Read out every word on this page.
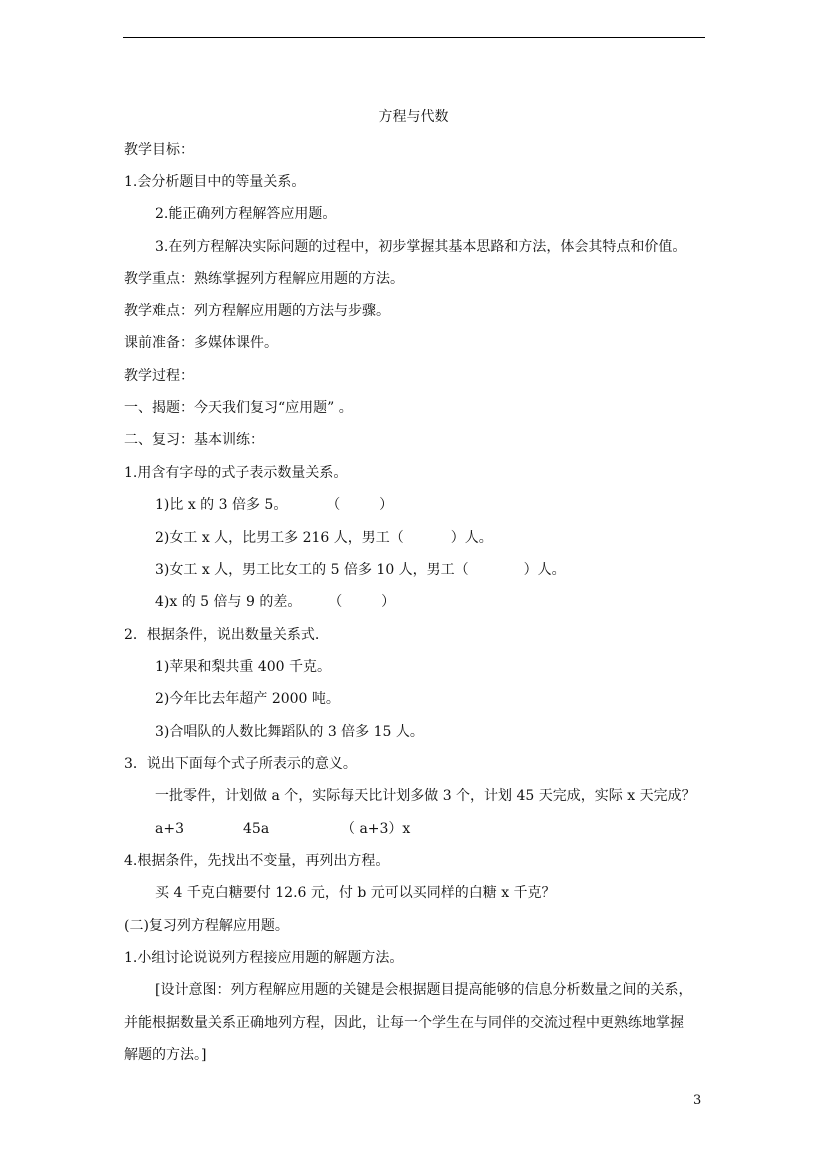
方程与代数
教学目标：
1.会分析题目中的等量关系。
2.能正确列方程解答应用题。
3.在列方程解决实际问题的过程中，初步掌握其基本思路和方法，体会其特点和价值。
教学重点：熟练掌握列方程解应用题的方法。
教学难点：列方程解应用题的方法与步骤。
课前准备：多媒体课件。
教学过程：
一、揭题：今天我们复习“应用题” 。
二、复习：基本训练：
1.用含有字母的式子表示数量关系。
1)比 x 的 3 倍多 5。	（	）
2)女工 x 人，比男工多 216 人，男工（	）人。
3)女工 x 人，男工比女工的 5 倍多 10 人，男工（	）人。
4)x 的 5 倍与 9 的差。 （	）
2．根据条件，说出数量关系式.
1)苹果和梨共重 400 千克。
2)今年比去年超产 2000 吨。
3)合唱队的人数比舞蹈队的 3 倍多 15 人。
3．说出下面每个式子所表示的意义。
一批零件，计划做 a 个，实际每天比计划多做 3 个，计划 45 天完成，实际 x 天完成？
a+3	45a	（ a+3）x
4.根据条件，先找出不变量，再列出方程。
买 4 千克白糖要付 12.6 元，付 b 元可以买同样的白糖 x 千克？
(二)复习列方程解应用题。
1.小组讨论说说列方程接应用题的解题方法。
[设计意图：列方程解应用题的关键是会根据题目提高能够的信息分析数量之间的关系，
并能根据数量关系正确地列方程，因此，让每一个学生在与同伴的交流过程中更熟练地掌握
解题的方法。]
3
